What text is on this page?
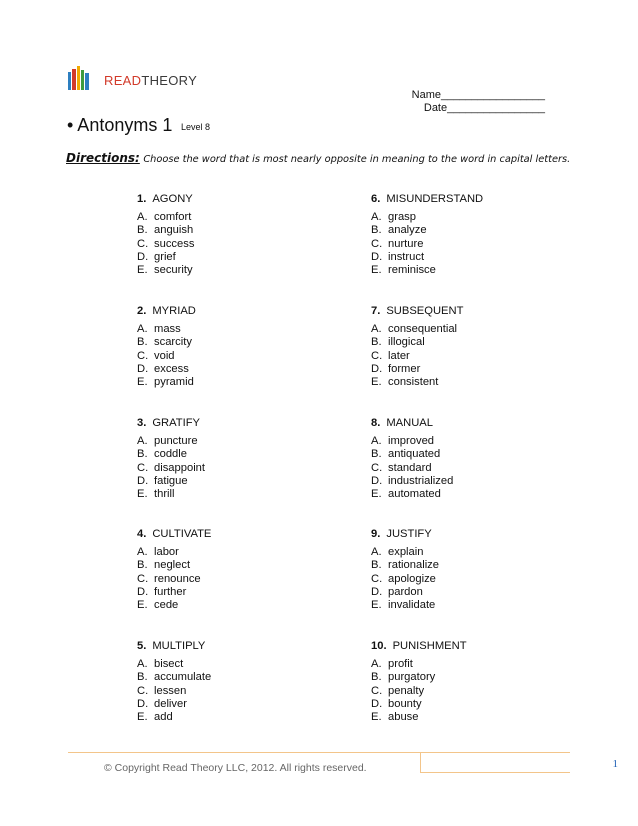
READTHEORY
Name_________________
Date________________
• Antonyms 1 Level 8
Directions: Choose the word that is most nearly opposite in meaning to the word in capital letters.
1. AGONY
A. comfort
B. anguish
C. success
D. grief
E. security
2. MYRIAD
A. mass
B. scarcity
C. void
D. excess
E. pyramid
3. GRATIFY
A. puncture
B. coddle
C. disappoint
D. fatigue
E. thrill
4. CULTIVATE
A. labor
B. neglect
C. renounce
D. further
E. cede
5. MULTIPLY
A. bisect
B. accumulate
C. lessen
D. deliver
E. add
6. MISUNDERSTAND
A. grasp
B. analyze
C. nurture
D. instruct
E. reminisce
7. SUBSEQUENT
A. consequential
B. illogical
C. later
D. former
E. consistent
8. MANUAL
A. improved
B. antiquated
C. standard
D. industrialized
E. automated
9. JUSTIFY
A. explain
B. rationalize
C. apologize
D. pardon
E. invalidate
10. PUNISHMENT
A. profit
B. purgatory
C. penalty
D. bounty
E. abuse
© Copyright Read Theory LLC, 2012. All rights reserved.	1
